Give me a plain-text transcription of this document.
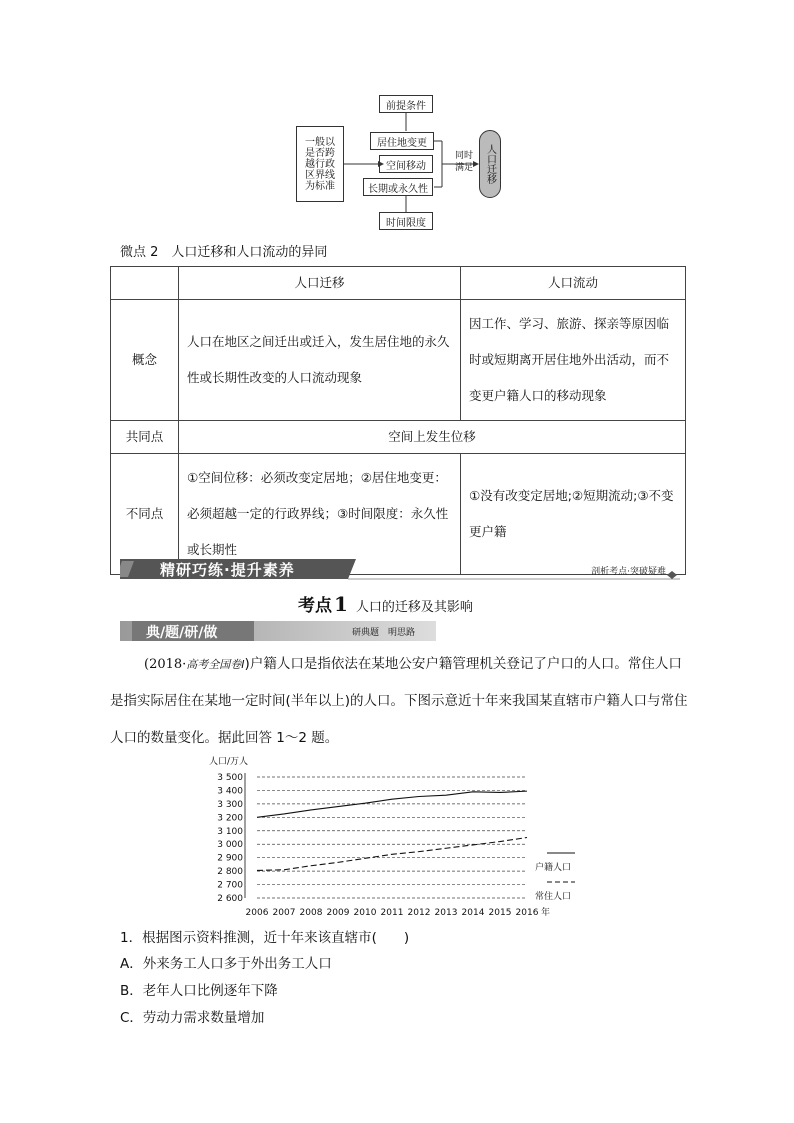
一般以是否跨越行政区界线为标准
前提条件
居住地变更
空间移动
长期或永久性
时间限度
同时满足	人口迁移
微点 2　人口迁移和人口流动的异同
	人口迁移	人口流动
概念	人口在地区之间迁出或迁入，发生居住地的永久性或长期性改变的人口流动现象	因工作、学习、旅游、探亲等原因临时或短期离开居住地外出活动，而不变更户籍人口的移动现象
共同点	空间上发生位移	
不同点	①空间位移：必须改变定居地；②居住地变更：必须超越一定的行政界线；③时间限度：永久性或长期性	①没有改变定居地;②短期流动;③不变更户籍
精研巧练·提升素养	剖析考点·突破疑难
考点 1 人口的迁移及其影响
典/题/研/做	研典题　明思路
(2018·高考全国卷Ⅰ)户籍人口是指依法在某地公安户籍管理机关登记了户口的人口。常住人口是指实际居住在某地一定时间(半年以上)的人口。下图示意近十年来我国某直辖市户籍人口与常住人口的数量变化。据此回答 1～2 题。
人口/万人
3 500
3 400
3 300
3 200
3 100
3 000
2 900
2 800
2 700
2 600
2006 2007 2008 2009 2010 2011 2012 2013 2014 2015 2016 年
户籍人口
常住人口
1．根据图示资料推测，近十年来该直辖市(　　)
A．外来务工人口多于外出务工人口
B．老年人口比例逐年下降
C．劳动力需求数量增加
